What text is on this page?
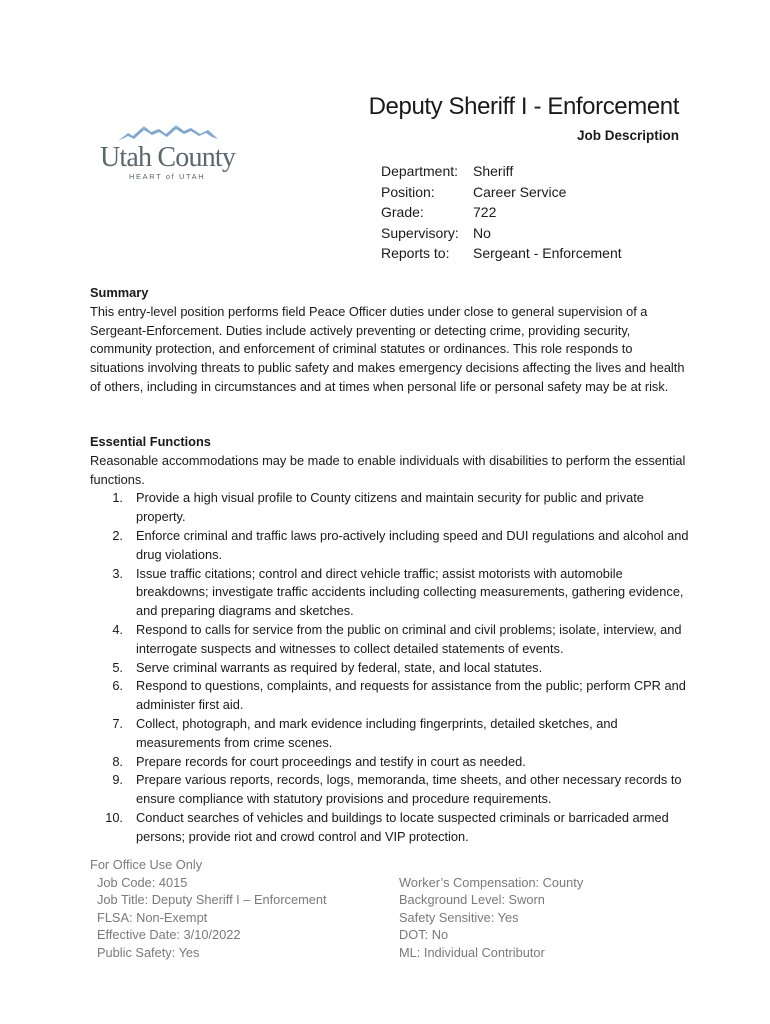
Utah County
HEART of UTAH
Deputy Sheriff I - Enforcement
Job Description
Department:	Sheriff
Position:	Career Service
Grade:	722
Supervisory:	No
Reports to:	Sergeant - Enforcement
Summary
This entry-level position performs field Peace Officer duties under close to general supervision of a Sergeant-Enforcement. Duties include actively preventing or detecting crime, providing security, community protection, and enforcement of criminal statutes or ordinances. This role responds to situations involving threats to public safety and makes emergency decisions affecting the lives and health of others, including in circumstances and at times when personal life or personal safety may be at risk.
Essential Functions
Reasonable accommodations may be made to enable individuals with disabilities to perform the essential functions.
1. Provide a high visual profile to County citizens and maintain security for public and private property.
2. Enforce criminal and traffic laws pro-actively including speed and DUI regulations and alcohol and drug violations.
3. Issue traffic citations; control and direct vehicle traffic; assist motorists with automobile breakdowns; investigate traffic accidents including collecting measurements, gathering evidence, and preparing diagrams and sketches.
4. Respond to calls for service from the public on criminal and civil problems; isolate, interview, and interrogate suspects and witnesses to collect detailed statements of events.
5. Serve criminal warrants as required by federal, state, and local statutes.
6. Respond to questions, complaints, and requests for assistance from the public; perform CPR and administer first aid.
7. Collect, photograph, and mark evidence including fingerprints, detailed sketches, and measurements from crime scenes.
8. Prepare records for court proceedings and testify in court as needed.
9. Prepare various reports, records, logs, memoranda, time sheets, and other necessary records to ensure compliance with statutory provisions and procedure requirements.
10. Conduct searches of vehicles and buildings to locate suspected criminals or barricaded armed persons; provide riot and crowd control and VIP protection.
For Office Use Only
Job Code: 4015
Job Title: Deputy Sheriff I – Enforcement
FLSA: Non-Exempt
Effective Date: 3/10/2022
Public Safety: Yes
Worker’s Compensation: County
Background Level: Sworn
Safety Sensitive: Yes
DOT: No
ML: Individual Contributor
